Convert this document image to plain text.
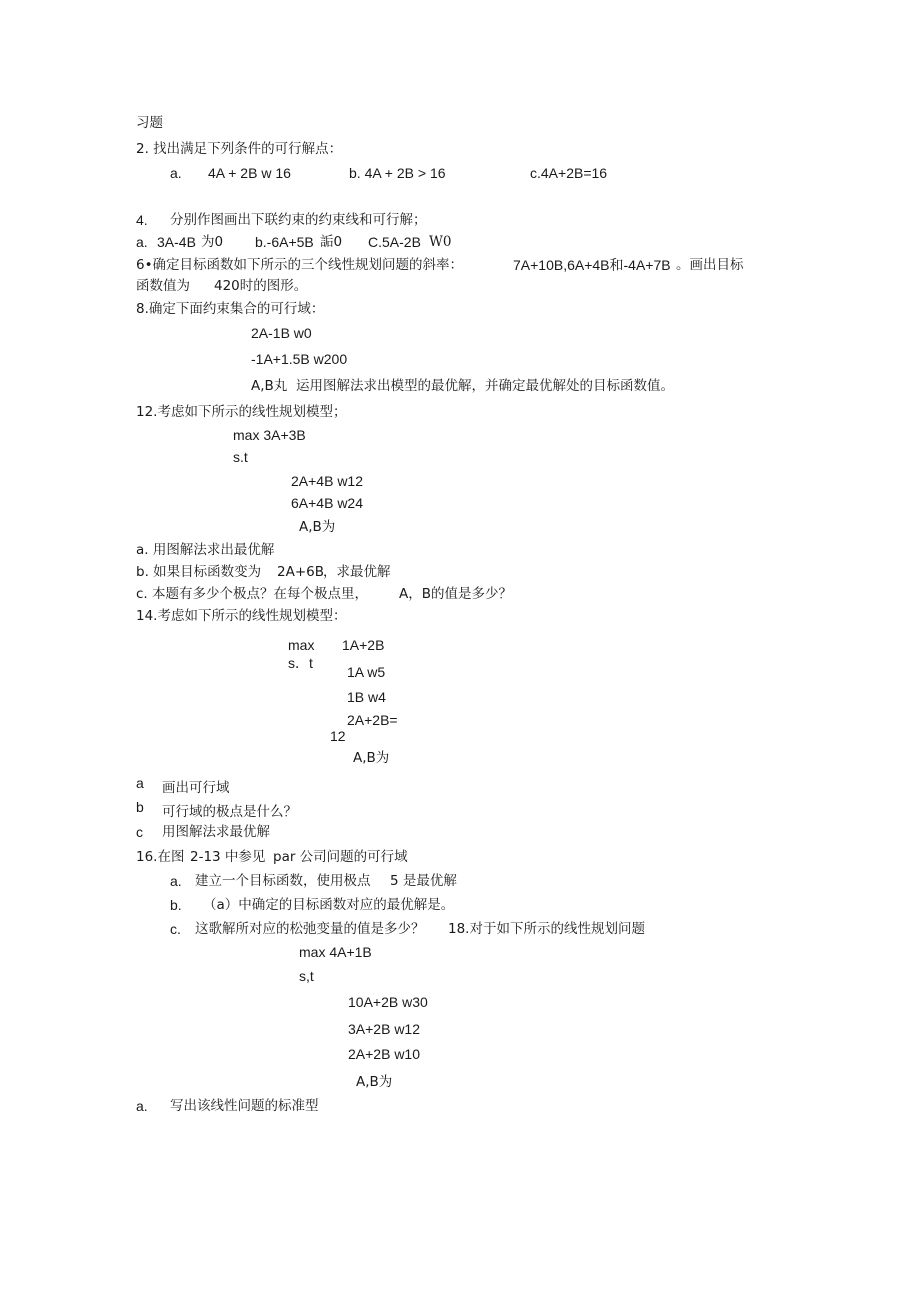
习题
2. 找出满足下列条件的可行解点：
a. 4A + 2B w 16	b. 4A + 2B > 16	c.4A+2B=16
4. 分别作图画出下联约束的约束线和可行解；
a. 3A-4B 为0 b.-6A+5B 詬0 C.5A-2B W0
6•确定目标函数如下所示的三个线性规划问题的斜率：	7A+10B,6A+4B和-4A+7B 。画出目标
函数值为 420时的图形。
8.确定下面约束集合的可行域：
2A-1B w0
-1A+1.5B w200
A,B丸 运用图解法求出模型的最优解，并确定最优解处的目标函数值。
12.考虑如下所示的线性规划模型；
max 3A+3B
s.t
2A+4B w12
6A+4B w24
A,B为
a. 用图解法求出最优解
b. 如果目标函数变为 2A+6B ，求最优解
c. 本题有多少个极点？在每个极点里， A，B的值是多少？
14.考虑如下所示的线性规划模型：
max 1A+2B
s．t
1A w5
1B w4
2A+2B=
12
A,B为
a 画出可行域
b 可行域的极点是什么？
c 用图解法求最优解
16.在图 2-13 中参见 par 公司问题的可行域
a. 建立一个目标函数，使用极点 5 是最优解
b. （a）中确定的目标函数对应的最优解是。
c. 这歌解所对应的松弛变量的值是多少？ 18.对于如下所示的线性规划问题
max 4A+1B
s,t
10A+2B w30
3A+2B w12
2A+2B w10
A,B为
a. 写出该线性问题的标准型
